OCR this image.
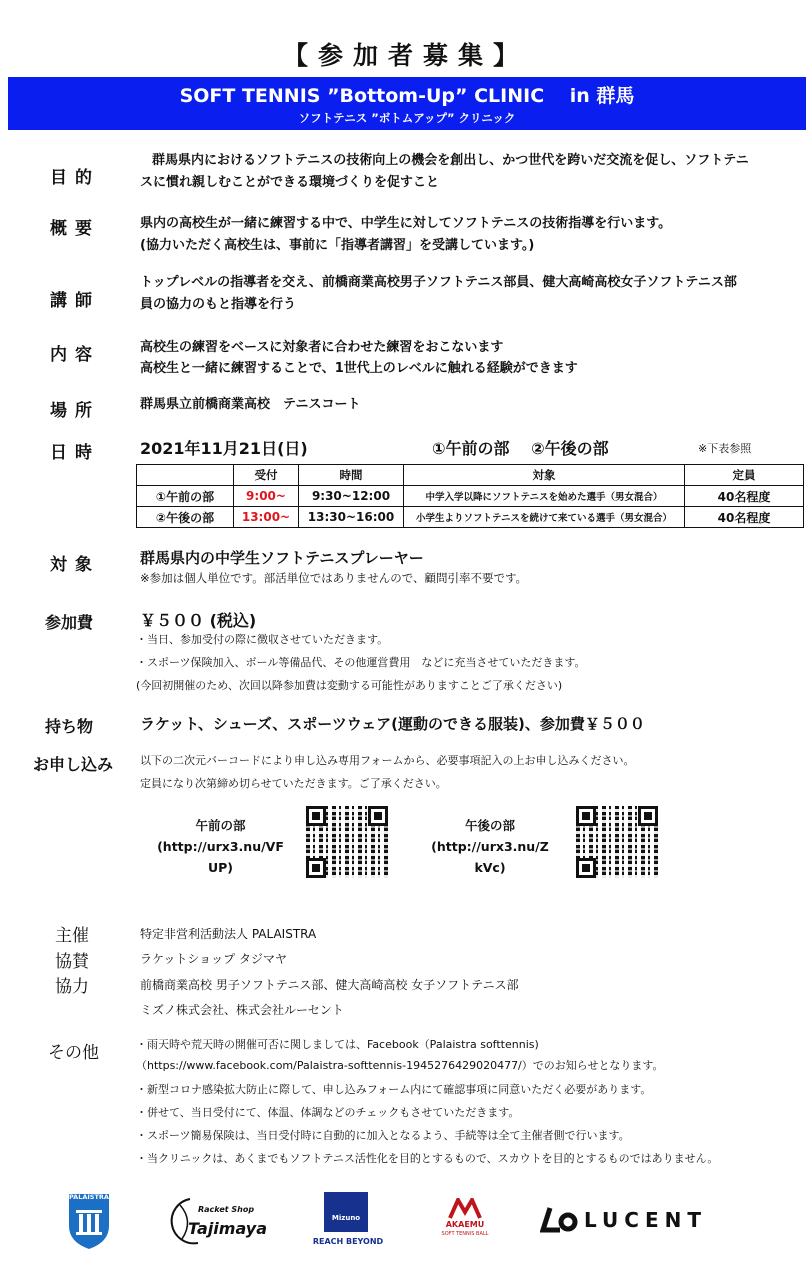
【参加者募集】
SOFT TENNIS ”Bottom-Up” CLINIC　 in 群馬
ソフトテニス ”ボトムアップ” クリニック
目的
群馬県内におけるソフトテニスの技術向上の機会を創出し、かつ世代を跨いだ交流を促し、ソフトテニ
スに慣れ親しむことができる環境づくりを促すこと
概要	県内の高校生が一緒に練習する中で、中学生に対してソフトテニスの技術指導を行います。
(協力いただく高校生は、事前に「指導者講習」を受講しています。)
講師
トップレベルの指導者を交え、前橋商業高校男子ソフトテニス部員、健大高崎高校女子ソフトテニス部
員の協力のもと指導を行う
内容	高校生の練習をベースに対象者に合わせた練習をおこないます
高校生と一緒に練習することで、1世代上のレベルに触れる経験ができます
場所	群馬県立前橋商業高校　テニスコート
日時	2021年11月21日(日)	①午前の部　 ②午後の部	※下表参照
	受付	時間	対象	定員
①午前の部	9:00~	9:30~12:00	中学入学以降にソフトテニスを始めた選手（男女混合）	40名程度
②午後の部	13:00~	13:30~16:00	小学生よりソフトテニスを続けて来ている選手（男女混合）	40名程度
対象	群馬県内の中学生ソフトテニスプレーヤー
※参加は個人単位です。部活単位ではありませんので、顧問引率不要です。
参加費	￥５００ (税込)
・当日、参加受付の際に徴収させていただきます。
・スポーツ保険加入、ボール等備品代、その他運営費用　などに充当させていただきます。
(今回初開催のため、次回以降参加費は変動する可能性がありますことご了承ください)
持ち物	ラケット、シューズ、スポーツウェア(運動のできる服装)、参加費￥５００
お申し込み 以下の二次元バーコードにより申し込み専用フォームから、必要事項記入の上お申し込みください。
定員になり次第締め切らせていただきます。ご了承ください。
午前の部
(http://urx3.nu/VF
UP)
午後の部
(http://urx3.nu/Z
kVc)
主催	特定非営利活動法人 PALAISTRA
協賛	ラケットショップ タジマヤ
協力	前橋商業高校 男子ソフトテニス部、健大高崎高校 女子ソフトテニス部
ミズノ株式会社、株式会社ルーセント
その他	・雨天時や荒天時の開催可否に関しましては、Facebook（Palaistra softtennis)
（https://www.facebook.com/Palaistra-softtennis-1945276429020477/）でのお知らせとなります。
・新型コロナ感染拡大防止に際して、申し込みフォーム内にて確認事項に同意いただく必要があります。
・併せて、当日受付にて、体温、体調などのチェックもさせていただきます。
・スポーツ簡易保険は、当日受付時に自動的に加入となるよう、手続等は全て主催者側で行います。
・当クリニックは、あくまでもソフトテニス活性化を目的とするもので、スカウトを目的とするものではありません。
PALAISTRA
Racket Shop
Tajimaya
Mizuno
REACH BEYOND
AKAEMU
SOFT TENNIS BALL
LUCENT
